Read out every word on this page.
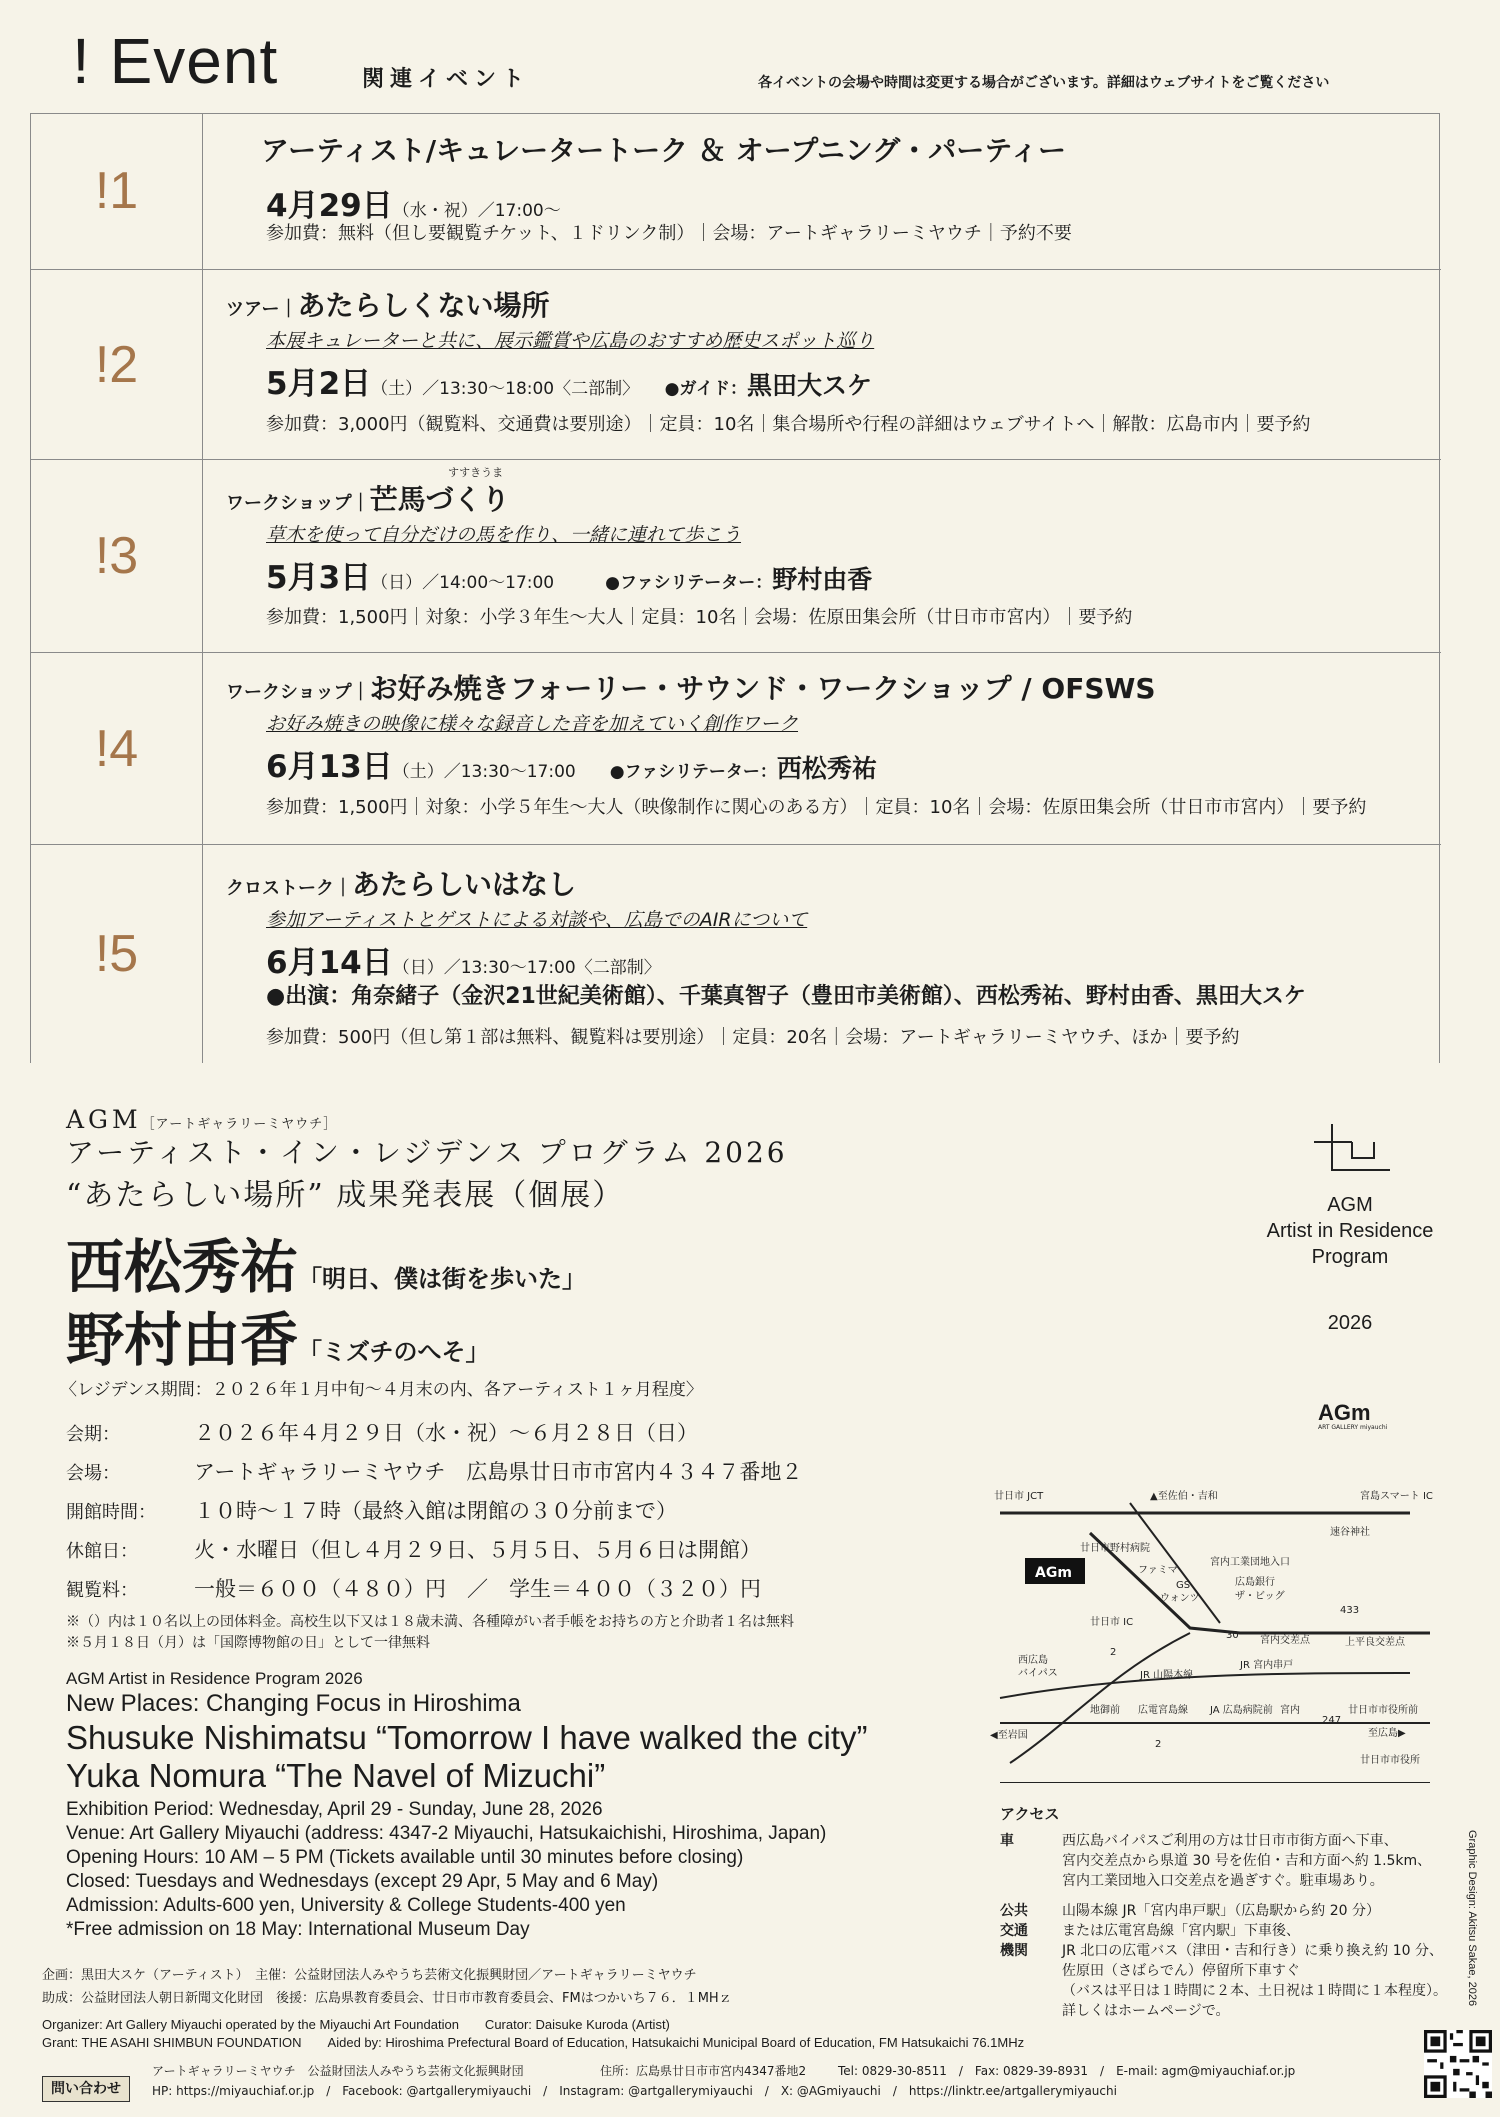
! Event	関連イベント	各イベントの会場や時間は変更する場合がございます。詳細はウェブサイトをご覧ください
!1
アーティスト/キュレータートーク ＆ オープニング・パーティー
4月29日（水・祝）／17:00～
参加費：無料（但し要観覧チケット、１ドリンク制）｜会場：アートギャラリーミヤウチ｜予約不要
!2
ツアー｜あたらしくない場所
本展キュレーターと共に、展示鑑賞や広島のおすすめ歴史スポット巡り
5月2日（土）／13:30～18:00〈二部制〉　　 ●ガイド：黒田大スケ
参加費：3,000円（観覧料、交通費は要別途）｜定員：10名｜集合場所や行程の詳細はウェブサイトへ｜解散：広島市内｜要予約
!3
すすきうま
ワークショップ｜芒馬づくり
草木を使って自分だけの馬を作り、一緒に連れて歩こう
5月3日（日）／14:00～17:00　　　	●ファシリテーター：野村由香
参加費：1,500円｜対象：小学３年生～大人｜定員：10名｜会場：佐原田集会所（廿日市市宮内）｜要予約
!4
ワークショップ｜お好み焼きフォーリー・サウンド・ワークショップ / OFSWS
お好み焼きの映像に様々な録音した音を加えていく創作ワーク
6月13日（土）／13:30～17:00　　 ●ファシリテーター：西松秀祐
参加費：1,500円｜対象：小学５年生～大人（映像制作に関心のある方）｜定員：10名｜会場：佐原田集会所（廿日市市宮内）｜要予約
!5
クロストーク｜あたらしいはなし
参加アーティストとゲストによる対談や、広島でのAIRについて
6月14日（日）／13:30～17:00〈二部制〉
●出演：角奈緒子（金沢21世紀美術館）、千葉真智子（豊田市美術館）、西松秀祐、野村由香、黒田大スケ
参加費：500円（但し第１部は無料、観覧料は要別途）｜定員：20名｜会場：アートギャラリーミヤウチ、ほか｜要予約
AGM［アートギャラリーミヤウチ］
アーティスト・イン・レジデンス プログラム 2026
“あたらしい場所” 成果発表展（個展）
西松秀祐「明日、僕は街を歩いた」
野村由香「ミズチのへそ」
〈レジデンス期間：２０２６年１月中旬～４月末の内、各アーティスト１ヶ月程度〉
会期：	２０２６年４月２９日（水・祝）～６月２８日（日）
会場：	アートギャラリーミヤウチ　広島県廿日市市宮内４３４７番地２
開館時間： １０時～１７時（最終入館は閉館の３０分前まで）
休館日：	火・水曜日（但し４月２９日、５月５日、５月６日は開館）
観覧料：	一般＝６００（４８０）円　／　学生＝４００（３２０）円
※（）内は１０名以上の団体料金。高校生以下又は１８歳未満、各種障がい者手帳をお持ちの方と介助者１名は無料
※５月１８日（月）は「国際博物館の日」として一律無料
AGM Artist in Residence Program 2026
New Places: Changing Focus in Hiroshima
Shusuke Nishimatsu “Tomorrow I have walked the city”
Yuka Nomura “The Navel of Mizuchi”
Exhibition Period: Wednesday, April 29 - Sunday, June 28, 2026
Venue: Art Gallery Miyauchi (address: 4347-2 Miyauchi, Hatsukaichishi, Hiroshima, Japan)
Opening Hours: 10 AM – 5 PM (Tickets available until 30 minutes before closing)
Closed: Tuesdays and Wednesdays (except 29 Apr, 5 May and 6 May)
Admission: Adults-600 yen, University & College Students-400 yen
*Free admission on 18 May: International Museum Day
企画：黒田大スケ（アーティスト）　主催：公益財団法人みやうち芸術文化振興財団／アートギャラリーミヤウチ
助成：公益財団法人朝日新聞文化財団　後援：広島県教育委員会、廿日市市教育委員会、FMはつかいち７６．１MHｚ
Organizer: Art Gallery Miyauchi operated by the Miyauchi Art Foundation　　Curator: Daisuke Kuroda (Artist)
Grant: THE ASAHI SHIMBUN FOUNDATION　　Aided by: Hiroshima Prefectural Board of Education, Hatsukaichi Municipal Board of Education, FM Hatsukaichi 76.1MHz
AGM
Artist in Residence
Program
2026
AGm
ART GALLERY miyauchi
AGm
廿日市 JCT	▲至佐伯・吉和	宮島スマート IC
速谷神社
廿日市野村病院
宮内工業団地入口
ファミマ
GS
ウォンツ
広島銀行
ザ・ビッグ
433
廿日市 IC
30 宮内交差点	上平良交差点
西広島
バイパス
2
JR 山陽本線
JR 宮内串戸
◀至岩国
地御前 広電宮島線 JA 広島病院前 宮内
247
廿日市市役所前
至広島▶
2
廿日市市役所
アクセス
車	西広島バイパスご利用の方は廿日市市街方面へ下車、
宮内交差点から県道 30 号を佐伯・吉和方面へ約 1.5km、
宮内工業団地入口交差点を過ぎすぐ。駐車場あり。
公共
交通
機関
山陽本線 JR「宮内串戸駅」（広島駅から約 20 分）
または広電宮島線「宮内駅」下車後、
JR 北口の広電バス（津田・吉和行き）に乗り換え約 10 分、
佐原田（さばらでん）停留所下車すぐ
（バスは平日は１時間に２本、土日祝は１時間に１本程度）。
詳しくはホームページで。
Graphic Design: Akitsu Sakae, 2026
問い合わせ
アートギャラリーミヤウチ　公益財団法人みやうち芸術文化振興財団	住所：広島県廿日市市宮内4347番地2	Tel: 0829-30-8511　/　Fax: 0829-39-8931　/　E-mail: agm@miyauchiaf.or.jp
HP: https://miyauchiaf.or.jp　/　Facebook: @artgallerymiyauchi　/　Instagram: @artgallerymiyauchi　/　X: @AGmiyauchi　/　https://linktr.ee/artgallerymiyauchi
